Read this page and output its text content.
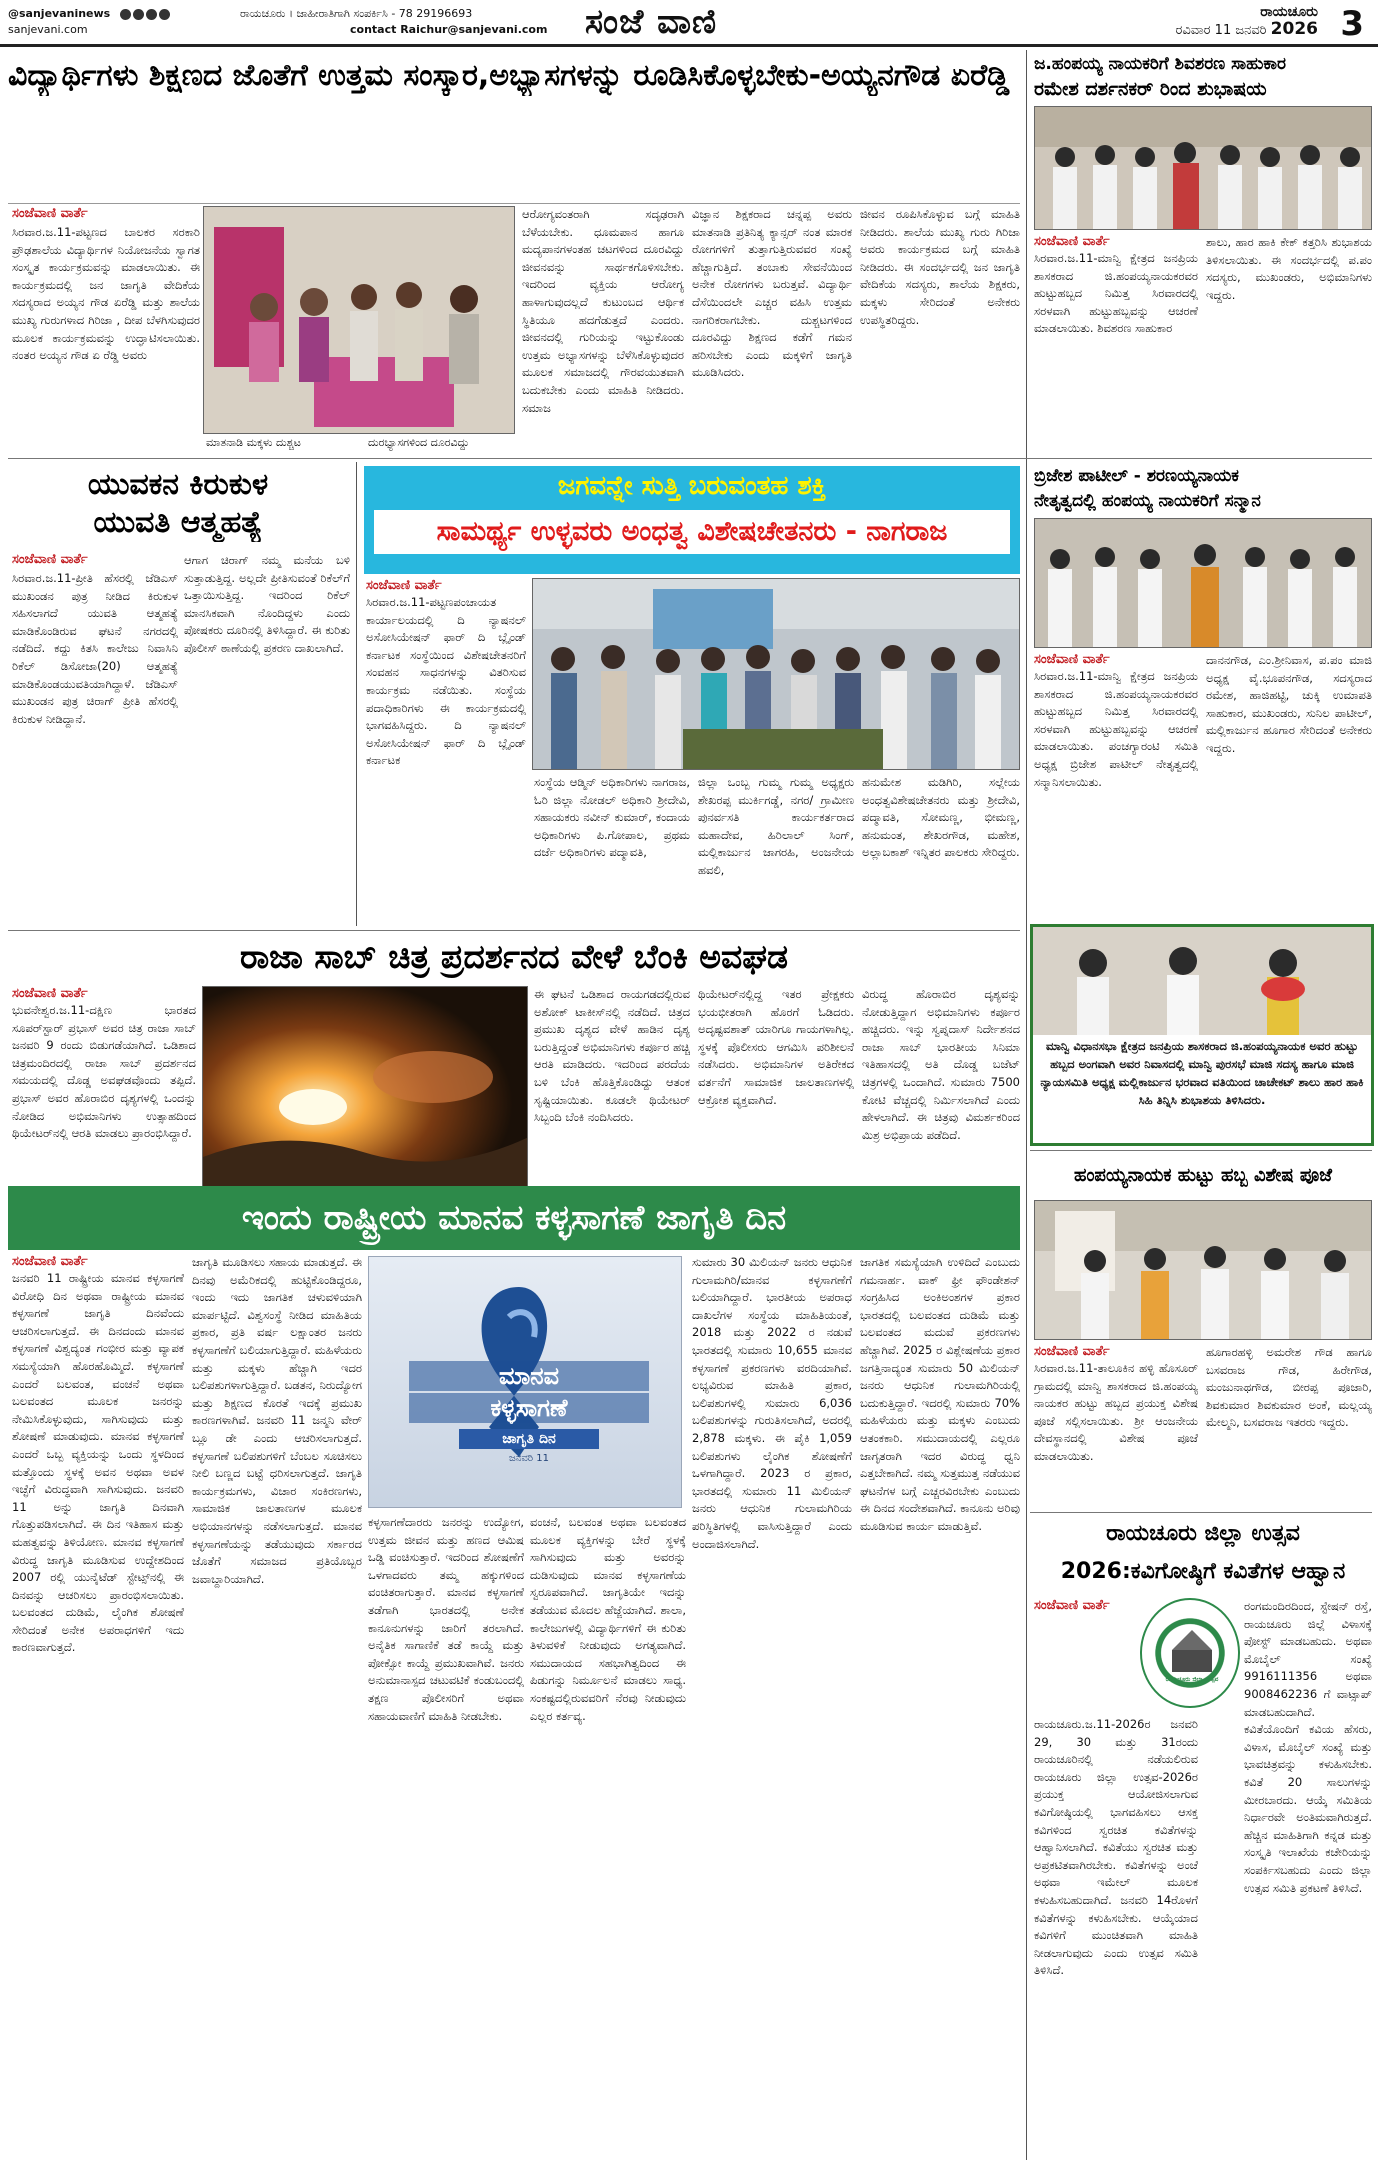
@sanjevaninews
sanjevani.com
ರಾಯಚೂರು । ಜಾಹೀರಾತಿಗಾಗಿ ಸಂಪರ್ಕಿಸಿ - 78 29196693
contact Raichur@sanjevani.com ಸಂಜೆ ವಾಣಿ	ರಾಯಚೂರು
ರವಿವಾರ 11 ಜನವರಿ 2026 3
ವಿದ್ಯಾರ್ಥಿಗಳು ಶಿಕ್ಷಣದ ಜೊತೆಗೆ ಉತ್ತಮ ಸಂಸ್ಕಾರ,ಅಭ್ಯಾಸಗಳನ್ನು ರೂಡಿಸಿಕೊಳ್ಳಬೇಕು-ಅಯ್ಯನಗೌಡ ಏರೆಡ್ಡಿ
ಸಂಜೆವಾಣಿ ವಾರ್ತೆ
ಸಿರವಾರ.ಜ.11-ಪಟ್ಟಣದ ಬಾಲಕರ ಸರಕಾರಿ ಪ್ರೌಢಶಾಲೆಯ ವಿದ್ಯಾರ್ಥಿಗಳ ನಿಯೋಜನೆಯ ಸ್ವಾಗತ ಸಂಸ್ಕೃತ ಕಾರ್ಯಕ್ರಮವನ್ನು ಮಾಡಲಾಯಿತು. ಈ ಕಾರ್ಯಕ್ರಮದಲ್ಲಿ ಜನ ಜಾಗೃತಿ ವೇದಿಕೆಯ ಸದಸ್ಯರಾದ ಅಯ್ಯನ ಗೌಡ ಏರೆಡ್ಡಿ ಮತ್ತು ಶಾಲೆಯ ಮುಖ್ಯ ಗುರುಗಳಾದ ಗಿರಿಜಾ , ದೀಪ ಬೆಳಗಿಸುವುದರ ಮೂಲಕ ಕಾರ್ಯಕ್ರಮವನ್ನು ಉದ್ಘಾಟಿಸಲಾಯಿತು. ನಂತರ ಅಯ್ಯನ ಗೌಡ ಏ ರೆಡ್ಡಿ ಅವರು
ಮಾತನಾಡಿ ಮಕ್ಕಳು ದುಶ್ಚಟ	ದುರಭ್ಯಾಸಗಳಿಂದ ದೂರವಿದ್ದು
ಆರೋಗ್ಯವಂತರಾಗಿ ಸದೃಢರಾಗಿ ಬೆಳೆಯಬೇಕು. ಧೂಮಪಾನ ಹಾಗೂ ಮದ್ಯಪಾನಗಳಂತಹ ಚಟಗಳಿಂದ ದೂರವಿದ್ದು ಜೀವನವನ್ನು ಸಾರ್ಥಕಗೊಳಿಸಬೇಕು. ಇದರಿಂದ ವ್ಯಕ್ತಿಯ ಆರೋಗ್ಯ ಹಾಳಾಗುವುದಲ್ಲದೆ ಕುಟುಂಬದ ಆರ್ಥಿಕ ಸ್ಥಿತಿಯೂ ಹದಗೆಡುತ್ತದೆ ಎಂದರು. ಜೀವನದಲ್ಲಿ ಗುರಿಯನ್ನು ಇಟ್ಟುಕೊಂಡು ಉತ್ತಮ ಅಭ್ಯಾಸಗಳನ್ನು ಬೆಳೆಸಿಕೊಳ್ಳುವುದರ ಮೂಲಕ ಸಮಾಜದಲ್ಲಿ ಗೌರವಯುತವಾಗಿ ಬದುಕಬೇಕು ಎಂದು ಮಾಹಿತಿ ನೀಡಿದರು. ಸಮಾಜ
ವಿಜ್ಞಾನ ಶಿಕ್ಷಕರಾದ ಚನ್ನಪ್ಪ ಅವರು ಮಾತನಾಡಿ ಪ್ರತಿನಿತ್ಯ ಕ್ಯಾನ್ಸರ್ ನಂತ ಮಾರಕ ರೋಗಗಳಿಗೆ ತುತ್ತಾಗುತ್ತಿರುವವರ ಸಂಖ್ಯೆ ಹೆಚ್ಚಾಗುತ್ತಿದೆ. ತಂಬಾಕು ಸೇವನೆಯಿಂದ ಅನೇಕ ರೋಗಗಳು ಬರುತ್ತವೆ. ವಿದ್ಯಾರ್ಥಿ ದೆಸೆಯಿಂದಲೇ ಎಚ್ಚರ ವಹಿಸಿ ಉತ್ತಮ ನಾಗರಿಕರಾಗಬೇಕು. ದುಶ್ಚಟಗಳಿಂದ ದೂರವಿದ್ದು ಶಿಕ್ಷಣದ ಕಡೆಗೆ ಗಮನ ಹರಿಸಬೇಕು ಎಂದು ಮಕ್ಕಳಿಗೆ ಜಾಗೃತಿ ಮೂಡಿಸಿದರು.
ಜೀವನ ರೂಪಿಸಿಕೊಳ್ಳುವ ಬಗ್ಗೆ ಮಾಹಿತಿ ನೀಡಿದರು. ಶಾಲೆಯ ಮುಖ್ಯ ಗುರು ಗಿರಿಜಾ ಅವರು ಕಾರ್ಯಕ್ರಮದ ಬಗ್ಗೆ ಮಾಹಿತಿ ನೀಡಿದರು. ಈ ಸಂದರ್ಭದಲ್ಲಿ ಜನ ಜಾಗೃತಿ ವೇದಿಕೆಯ ಸದಸ್ಯರು, ಶಾಲೆಯ ಶಿಕ್ಷಕರು, ಮಕ್ಕಳು ಸೇರಿದಂತೆ ಅನೇಕರು ಉಪಸ್ಥಿತರಿದ್ದರು.
ಜ.ಹಂಪಯ್ಯ ನಾಯಕರಿಗೆ ಶಿವಶರಣ ಸಾಹುಕಾರ
ರಮೇಶ ದರ್ಶನಕರ್ ರಿಂದ ಶುಭಾಷಯ
ಸಂಜೆವಾಣಿ ವಾರ್ತೆ
ಸಿರವಾರ.ಜ.11-ಮಾನ್ವಿ ಕ್ಷೇತ್ರದ ಜನಪ್ರಿಯ ಶಾಸಕರಾದ ಜಿ.ಹಂಪಯ್ಯನಾಯಕರವರ ಹುಟ್ಟುಹಬ್ಬದ ನಿಮಿತ್ತ ಸಿರವಾರದಲ್ಲಿ ಸರಳವಾಗಿ ಹುಟ್ಟುಹಬ್ಬವನ್ನು ಆಚರಣೆ ಮಾಡಲಾಯಿತು. ಶಿವಶರಣ ಸಾಹುಕಾರ
ಶಾಲು, ಹಾರ ಹಾಕಿ ಕೇಕ್ ಕತ್ತರಿಸಿ ಶುಭಾಶಯ ತಿಳಿಸಲಾಯಿತು. ಈ ಸಂದರ್ಭದಲ್ಲಿ ಪ.ಪಂ ಸದಸ್ಯರು, ಮುಖಂಡರು, ಅಭಿಮಾನಿಗಳು ಇದ್ದರು.
ಯುವಕನ ಕಿರುಕುಳ
ಯುವತಿ ಆತ್ಮಹತ್ಯೆ
ಸಂಜೆವಾಣಿ ವಾರ್ತೆ
ಸಿರವಾರ.ಜ.11-ಪ್ರೀತಿ ಹೆಸರಲ್ಲಿ ಜೆಡಿಎಸ್ ಮುಖಂಡನ ಪುತ್ರ ನೀಡಿದ ಕಿರುಕುಳ ಸಹಿಸಲಾಗದೆ ಯುವತಿ ಆತ್ಮಹತ್ಯೆ ಮಾಡಿಕೊಂಡಿರುವ ಘಟನೆ ನಗರದಲ್ಲಿ ನಡೆದಿದೆ. ಕದ್ದು ಕಿತಸಿ ಕಾಲೇಜು ನಿವಾಸಿನಿ ರಿಕೆಲ್ ಡಿಸೋಜಾ(20) ಆತ್ಮಹತ್ಯೆ ಮಾಡಿಕೊಂಡಯುವತಿಯಾಗಿದ್ದಾಳೆ. ಜೆಡಿಎಸ್ ಮುಖಂಡನ ಪುತ್ರ ಚಿರಾಗ್ ಪ್ರೀತಿ ಹೆಸರಲ್ಲಿ ಕಿರುಕುಳ ನೀಡಿದ್ದಾನೆ.
ಆಗಾಗ ಚಿರಾಗ್ ನಮ್ಮ ಮನೆಯ ಬಳಿ ಸುತ್ತಾಡುತ್ತಿದ್ದ. ಅಲ್ಲದೇ ಪ್ರೀತಿಸುವಂತೆ ರಿಕೆಲ್‌ಗೆ ಒತ್ತಾಯಿಸುತ್ತಿದ್ದ. ಇದರಿಂದ ರಿಕೆಲ್ ಮಾನಸಿಕವಾಗಿ ನೊಂದಿದ್ದಳು ಎಂದು ಪೋಷಕರು ದೂರಿನಲ್ಲಿ ತಿಳಿಸಿದ್ದಾರೆ. ಈ ಕುರಿತು ಪೊಲೀಸ್ ಠಾಣೆಯಲ್ಲಿ ಪ್ರಕರಣ ದಾಖಲಾಗಿದೆ.
ಜಗವನ್ನೇ ಸುತ್ತಿ ಬರುವಂತಹ ಶಕ್ತಿ
ಸಾಮರ್ಥ್ಯ ಉಳ್ಳವರು ಅಂಧತ್ವ ವಿಶೇಷಚೇತನರು - ನಾಗರಾಜ
ಸಂಜೆವಾಣಿ ವಾರ್ತೆ
ಸಿರವಾರ.ಜ.11-ಪಟ್ಟಣಪಂಚಾಯತ ಕಾರ್ಯಾಲಯದಲ್ಲಿ ದಿ ನ್ಯಾಷನಲ್ ಅಸೋಸಿಯೇಷನ್ ಫಾರ್ ದಿ ಬ್ಲೈಂಡ್ ಕರ್ನಾಟಕ ಸಂಸ್ಥೆಯಿಂದ ವಿಶೇಷಚೇತನರಿಗೆ ಸಂವಹನ ಸಾಧನಗಳನ್ನು ವಿತರಿಸುವ ಕಾರ್ಯಕ್ರಮ ನಡೆಯಿತು. ಸಂಸ್ಥೆಯ ಪದಾಧಿಕಾರಿಗಳು ಈ ಕಾರ್ಯಕ್ರಮದಲ್ಲಿ ಭಾಗವಹಿಸಿದ್ದರು. ದಿ ನ್ಯಾಷನಲ್ ಅಸೋಸಿಯೇಷನ್ ಫಾರ್ ದಿ ಬ್ಲೈಂಡ್ ಕರ್ನಾಟಕ
ಸಂಸ್ಥೆಯ ಆಡ್ಮಿನ್ ಅಧಿಕಾರಿಗಳು ನಾಗರಾಜ, ಓರಿ ಜಿಲ್ಲಾ ನೋಡಲ್ ಅಧಿಕಾರಿ ಶ್ರೀದೇವಿ, ಸಹಾಯಕರು ನವೀನ್ ಕುಮಾರ್, ಕಂದಾಯ ಅಧಿಕಾರಿಗಳು ಪಿ.ಗೋಪಾಲ, ಪ್ರಥಮ ದರ್ಜೆ ಅಧಿಕಾರಿಗಳು ಪದ್ಮಾವತಿ,
ಜಿಲ್ಲಾ ಒಂಬ್ಬ ಗುಮ್ಮ ಗುಮ್ಮ ಅಧ್ಯಕ್ಷರು ಶೇಖರಪ್ಪ ಮುರ್ಕಿಗಡ್ಡೆ, ನಗರ/ ಗ್ರಾಮೀಣ ಪುನರ್ವಸತಿ ಕಾರ್ಯಕರ್ತರಾದ ಮಹಾದೇವ, ಹಿರಿಲಾಲ್ ಸಿಂಗ್, ಮಲ್ಲಿಕಾರ್ಜುನ ಜಾಗರಹಿ, ಅಂಜನೇಯ ಹವಲಿ,
ಹನುಮೇಶ ಮಡಿಗಿರಿ, ಸಲ್ಲೇಯ ಅಂಧತ್ವವಿಶೇಷಚೇತನರು ಮತ್ತು ಶ್ರೀದೇವಿ, ಪದ್ಮಾವತಿ, ಸೋಮಣ್ಣ, ಭೀಮಣ್ಣ, ಹನುಮಂತ, ಶೇಖರಗೌಡ, ಮಹೇಶ, ಅಲ್ಲಾಬಕಾಶ್ ಇನ್ನಿತರ ಪಾಲಕರು ಸೇರಿದ್ದರು.
ಬ್ರಿಜೇಶ ಪಾಟೀಲ್ - ಶರಣಯ್ಯನಾಯಕ
ನೇತೃತ್ವದಲ್ಲಿ ಹಂಪಯ್ಯ ನಾಯಕರಿಗೆ ಸನ್ಮಾನ
ಸಂಜೆವಾಣಿ ವಾರ್ತೆ
ಸಿರವಾರ.ಜ.11-ಮಾನ್ವಿ ಕ್ಷೇತ್ರದ ಜನಪ್ರಿಯ ಶಾಸಕರಾದ ಜಿ.ಹಂಪಯ್ಯನಾಯಕರವರ ಹುಟ್ಟುಹಬ್ಬದ ನಿಮಿತ್ತ ಸಿರವಾರದಲ್ಲಿ ಸರಳವಾಗಿ ಹುಟ್ಟುಹಬ್ಬವನ್ನು ಆಚರಣೆ ಮಾಡಲಾಯಿತು. ಪಂಚಗ್ಯಾರಂಟಿ ಸಮಿತಿ ಅಧ್ಯಕ್ಷ ಬ್ರಿಜೇಶ ಪಾಟೀಲ್ ನೇತೃತ್ವದಲ್ಲಿ ಸನ್ಮಾನಿಸಲಾಯಿತು.
ದಾನನಗೌಡ, ಎಂ.ಶ್ರೀನಿವಾಸ, ಪ.ಪಂ ಮಾಜಿ ಅಧ್ಯಕ್ಷ ವೈ.ಭೂಪನಗೌಡ, ಸದಸ್ಯರಾದ ರಮೇಶ, ಹಾಜಿಹಟ್ಟಿ, ಚುಕ್ಕಿ ಉಮಾಪತಿ ಸಾಹುಕಾರ, ಮುಖಂಡರು, ಸುನಿಲ ಪಾಟೀಲ್, ಮಲ್ಲಿಕಾರ್ಜುನ ಹೂಗಾರ ಸೇರಿದಂತೆ ಅನೇಕರು ಇದ್ದರು.
ರಾಜಾ ಸಾಬ್ ಚಿತ್ರ ಪ್ರದರ್ಶನದ ವೇಳೆ ಬೆಂಕಿ ಅವಘಡ
ಸಂಜೆವಾಣಿ ವಾರ್ತೆ
ಭುವನೇಶ್ವರ.ಜ.11-ದಕ್ಷಿಣ ಭಾರತದ ಸೂಪರ್‌ಸ್ಟಾರ್ ಪ್ರಭಾಸ್ ಅವರ ಚಿತ್ರ ರಾಜಾ ಸಾಬ್ ಜನವರಿ 9 ರಂದು ಬಿಡುಗಡೆಯಾಗಿದೆ. ಒಡಿಶಾದ ಚಿತ್ರಮಂದಿರದಲ್ಲಿ ರಾಜಾ ಸಾಬ್ ಪ್ರದರ್ಶನದ ಸಮಯದಲ್ಲಿ ದೊಡ್ಡ ಅವಘಡವೊಂದು ತಪ್ಪಿದೆ. ಪ್ರಭಾಸ್ ಅವರ ಹೊರಾಬಿರ ದೃಶ್ಯಗಳಲ್ಲಿ ಒಂದನ್ನು ನೋಡಿದ ಅಭಿಮಾನಿಗಳು ಉತ್ಸಾಹದಿಂದ ಥಿಯೇಟರ್‌ನಲ್ಲಿ ಆರತಿ ಮಾಡಲು ಪ್ರಾರಂಭಿಸಿದ್ದಾರೆ.
ಈ ಘಟನೆ ಒಡಿಶಾದ ರಾಯಗಡದಲ್ಲಿರುವ ಅಶೋಕ್ ಟಾಕೀಸ್‌ನಲ್ಲಿ ನಡೆದಿದೆ. ಚಿತ್ರದ ಪ್ರಮುಖ ದೃಶ್ಯದ ವೇಳೆ ಹಾಡಿನ ದೃಶ್ಯ ಬರುತ್ತಿದ್ದಂತೆ ಅಭಿಮಾನಿಗಳು ಕರ್ಪೂರ ಹಚ್ಚಿ ಆರತಿ ಮಾಡಿದರು. ಇದರಿಂದ ಪರದೆಯ ಬಳಿ ಬೆಂಕಿ ಹೊತ್ತಿಕೊಂಡಿದ್ದು ಆತಂಕ ಸೃಷ್ಟಿಯಾಯಿತು. ಕೂಡಲೇ ಥಿಯೇಟರ್ ಸಿಬ್ಬಂದಿ ಬೆಂಕಿ ನಂದಿಸಿದರು.
ಥಿಯೇಟರ್‌ನಲ್ಲಿದ್ದ ಇತರ ಪ್ರೇಕ್ಷಕರು ಭಯಭೀತರಾಗಿ ಹೊರಗೆ ಓಡಿದರು. ಅದೃಷ್ಟವಶಾತ್ ಯಾರಿಗೂ ಗಾಯಗಳಾಗಿಲ್ಲ. ಸ್ಥಳಕ್ಕೆ ಪೊಲೀಸರು ಆಗಮಿಸಿ ಪರಿಶೀಲನೆ ನಡೆಸಿದರು. ಅಭಿಮಾನಿಗಳ ಅತಿರೇಕದ ವರ್ತನೆಗೆ ಸಾಮಾಜಿಕ ಜಾಲತಾಣಗಳಲ್ಲಿ ಆಕ್ರೋಶ ವ್ಯಕ್ತವಾಗಿದೆ.
ವಿರುದ್ಧ ಹೊರಾಬಿರ ದೃಶ್ಯವನ್ನು ನೋಡುತ್ತಿದ್ದಾಗ ಅಭಿಮಾನಿಗಳು ಕರ್ಪೂರ ಹಚ್ಚಿದರು. ಇನ್ನು ಸ್ವಪ್ನದಾಸ್ ನಿರ್ದೇಶನದ ರಾಜಾ ಸಾಬ್ ಭಾರತೀಯ ಸಿನಿಮಾ ಇತಿಹಾಸದಲ್ಲಿ ಅತಿ ದೊಡ್ಡ ಬಜೆಟ್ ಚಿತ್ರಗಳಲ್ಲಿ ಒಂದಾಗಿದೆ. ಸುಮಾರು 7500 ಕೋಟಿ ವೆಚ್ಚದಲ್ಲಿ ನಿರ್ಮಿಸಲಾಗಿದೆ ಎಂದು ಹೇಳಲಾಗಿದೆ. ಈ ಚಿತ್ರವು ವಿಮರ್ಶಕರಿಂದ ಮಿಶ್ರ ಅಭಿಪ್ರಾಯ ಪಡೆದಿದೆ.
ಮಾನ್ವಿ ವಿಧಾನಸಭಾ ಕ್ಷೇತ್ರದ ಜನಪ್ರಿಯ ಶಾಸಕರಾದ ಜಿ.ಹಂಪಯ್ಯನಾಯಕ ಅವರ ಹುಟ್ಟು ಹಬ್ಬದ ಅಂಗವಾಗಿ ಅವರ ನಿವಾಸದಲ್ಲಿ ಮಾನ್ವಿ ಪುರಸಭೆ ಮಾಜಿ ಸದಸ್ಯ ಹಾಗೂ ಮಾಜಿ ನ್ಯಾಯಸಮಿತಿ ಅಧ್ಯಕ್ಷ ಮಲ್ಲಿಕಾರ್ಜುನ ಭರವಾದ ವತಿಯಿಂದ ಚಾಚೇಕಟ್ ಶಾಲು ಹಾರ ಹಾಕಿ ಸಿಹಿ ತಿನ್ನಿಸಿ ಶುಭಾಶಯ ತಿಳಿಸಿದರು.
ಇಂದು ರಾಷ್ಟ್ರೀಯ ಮಾನವ ಕಳ್ಳಸಾಗಣೆ ಜಾಗೃತಿ ದಿನ
ಸಂಜೆವಾಣಿ ವಾರ್ತೆ
ಜನವರಿ 11 ರಾಷ್ಟ್ರೀಯ ಮಾನವ ಕಳ್ಳಸಾಗಣೆ ವಿರೋಧಿ ದಿನ ಅಥವಾ ರಾಷ್ಟ್ರೀಯ ಮಾನವ ಕಳ್ಳಸಾಗಣೆ ಜಾಗೃತಿ ದಿನವೆಂದು ಆಚರಿಸಲಾಗುತ್ತದೆ. ಈ ದಿನದಂದು ಮಾನವ ಕಳ್ಳಸಾಗಣೆ ವಿಶ್ವದ್ಯಂತ ಗಂಭೀರ ಮತ್ತು ವ್ಯಾಪಕ ಸಮಸ್ಯೆಯಾಗಿ ಹೊರಹೊಮ್ಮಿದೆ. ಕಳ್ಳಸಾಗಣೆ ಎಂದರೆ ಬಲವಂತ, ವಂಚನೆ ಅಥವಾ ಬಲವಂತದ ಮೂಲಕ ಜನರನ್ನು ನೇಮಿಸಿಕೊಳ್ಳುವುದು, ಸಾಗಿಸುವುದು ಮತ್ತು ಶೋಷಣೆ ಮಾಡುವುದು. ಮಾನವ ಕಳ್ಳಸಾಗಣೆ ಎಂದರೆ ಒಬ್ಬ ವ್ಯಕ್ತಿಯನ್ನು ಒಂದು ಸ್ಥಳದಿಂದ ಮತ್ತೊಂದು ಸ್ಥಳಕ್ಕೆ ಅವನ ಅಥವಾ ಅವಳ ಇಚ್ಛೆಗೆ ವಿರುದ್ಧವಾಗಿ ಸಾಗಿಸುವುದು. ಜನವರಿ 11 ಅನ್ನು ಜಾಗೃತಿ ದಿನವಾಗಿ ಗೊತ್ತುಪಡಿಸಲಾಗಿದೆ. ಈ ದಿನ ಇತಿಹಾಸ ಮತ್ತು ಮಹತ್ವವನ್ನು ತಿಳಿಯೋಣ. ಮಾನವ ಕಳ್ಳಸಾಗಣೆ ವಿರುದ್ಧ ಜಾಗೃತಿ ಮೂಡಿಸುವ ಉದ್ದೇಶದಿಂದ 2007 ರಲ್ಲಿ ಯುನೈಟೆಡ್ ಸ್ಟೇಟ್ಸ್‌ನಲ್ಲಿ ಈ ದಿನವನ್ನು ಆಚರಿಸಲು ಪ್ರಾರಂಭಿಸಲಾಯಿತು. ಬಲವಂತದ ದುಡಿಮೆ, ಲೈಂಗಿಕ ಶೋಷಣೆ ಸೇರಿದಂತೆ ಅನೇಕ ಅಪರಾಧಗಳಿಗೆ ಇದು ಕಾರಣವಾಗುತ್ತದೆ.
ಜಾಗೃತಿ ಮೂಡಿಸಲು ಸಹಾಯ ಮಾಡುತ್ತದೆ. ಈ ದಿನವು ಅಮೆರಿಕದಲ್ಲಿ ಹುಟ್ಟಿಕೊಂಡಿದ್ದರೂ, ಇಂದು ಇದು ಜಾಗತಿಕ ಚಳುವಳಿಯಾಗಿ ಮಾರ್ಪಟ್ಟಿದೆ. ವಿಶ್ವಸಂಸ್ಥೆ ನೀಡಿದ ಮಾಹಿತಿಯ ಪ್ರಕಾರ, ಪ್ರತಿ ವರ್ಷ ಲಕ್ಷಾಂತರ ಜನರು ಕಳ್ಳಸಾಗಣೆಗೆ ಬಲಿಯಾಗುತ್ತಿದ್ದಾರೆ. ಮಹಿಳೆಯರು ಮತ್ತು ಮಕ್ಕಳು ಹೆಚ್ಚಾಗಿ ಇದರ ಬಲಿಪಶುಗಳಾಗುತ್ತಿದ್ದಾರೆ. ಬಡತನ, ನಿರುದ್ಯೋಗ ಮತ್ತು ಶಿಕ್ಷಣದ ಕೊರತೆ ಇದಕ್ಕೆ ಪ್ರಮುಖ ಕಾರಣಗಳಾಗಿವೆ. ಜನವರಿ 11 ಜನ್ಮನಿ ವೇರ್ ಬ್ಲೂ ಡೇ ಎಂದು ಆಚರಿಸಲಾಗುತ್ತದೆ. ಕಳ್ಳಸಾಗಣೆ ಬಲಿಪಶುಗಳಿಗೆ ಬೆಂಬಲ ಸೂಚಿಸಲು ನೀಲಿ ಬಣ್ಣದ ಬಟ್ಟೆ ಧರಿಸಲಾಗುತ್ತದೆ. ಜಾಗೃತಿ ಕಾರ್ಯಕ್ರಮಗಳು, ವಿಚಾರ ಸಂಕಿರಣಗಳು, ಸಾಮಾಜಿಕ ಜಾಲತಾಣಗಳ ಮೂಲಕ ಅಭಿಯಾನಗಳನ್ನು ನಡೆಸಲಾಗುತ್ತದೆ. ಮಾನವ ಕಳ್ಳಸಾಗಣೆಯನ್ನು ತಡೆಯುವುದು ಸರ್ಕಾರದ ಜೊತೆಗೆ ಸಮಾಜದ ಪ್ರತಿಯೊಬ್ಬರ ಜವಾಬ್ದಾರಿಯಾಗಿದೆ.
ಮಾನವ
ಕಳ್ಳಸಾಗಣೆ
ಜಾಗೃತಿ ದಿನ
ಜನವರಿ 11
ಕಳ್ಳಸಾಗಣೆದಾರರು ಜನರನ್ನು ಉದ್ಯೋಗ, ಉತ್ತಮ ಜೀವನ ಮತ್ತು ಹಣದ ಆಮಿಷ ಒಡ್ಡಿ ವಂಚಿಸುತ್ತಾರೆ. ಇದರಿಂದ ಶೋಷಣೆಗೆ ಒಳಗಾದವರು ತಮ್ಮ ಹಕ್ಕುಗಳಿಂದ ವಂಚಿತರಾಗುತ್ತಾರೆ. ಮಾನವ ಕಳ್ಳಸಾಗಣೆ ತಡೆಗಾಗಿ ಭಾರತದಲ್ಲಿ ಅನೇಕ ಕಾನೂನುಗಳನ್ನು ಜಾರಿಗೆ ತರಲಾಗಿದೆ. ಅನೈತಿಕ ಸಾಗಾಣಿಕೆ ತಡೆ ಕಾಯ್ದೆ ಮತ್ತು ಪೋಕ್ಸೋ ಕಾಯ್ದೆ ಪ್ರಮುಖವಾಗಿವೆ. ಜನರು ಅನುಮಾನಾಸ್ಪದ ಚಟುವಟಿಕೆ ಕಂಡುಬಂದಲ್ಲಿ ತಕ್ಷಣ ಪೊಲೀಸರಿಗೆ ಅಥವಾ ಸಹಾಯವಾಣಿಗೆ ಮಾಹಿತಿ ನೀಡಬೇಕು.
ವಂಚನೆ, ಬಲವಂತ ಅಥವಾ ಬಲವಂತದ ಮೂಲಕ ವ್ಯಕ್ತಿಗಳನ್ನು ಬೇರೆ ಸ್ಥಳಕ್ಕೆ ಸಾಗಿಸುವುದು ಮತ್ತು ಅವರನ್ನು ದುಡಿಸುವುದು ಮಾನವ ಕಳ್ಳಸಾಗಣೆಯ ಸ್ವರೂಪವಾಗಿದೆ. ಜಾಗೃತಿಯೇ ಇದನ್ನು ತಡೆಯುವ ಮೊದಲ ಹೆಜ್ಜೆಯಾಗಿದೆ. ಶಾಲಾ, ಕಾಲೇಜುಗಳಲ್ಲಿ ವಿದ್ಯಾರ್ಥಿಗಳಿಗೆ ಈ ಕುರಿತು ತಿಳುವಳಿಕೆ ನೀಡುವುದು ಅಗತ್ಯವಾಗಿದೆ. ಸಮುದಾಯದ ಸಹಭಾಗಿತ್ವದಿಂದ ಈ ಪಿಡುಗನ್ನು ನಿರ್ಮೂಲನೆ ಮಾಡಲು ಸಾಧ್ಯ. ಸಂಕಷ್ಟದಲ್ಲಿರುವವರಿಗೆ ನೆರವು ನೀಡುವುದು ಎಲ್ಲರ ಕರ್ತವ್ಯ.
ಸುಮಾರು 30 ಮಿಲಿಯನ್ ಜನರು ಆಧುನಿಕ ಗುಲಾಮಗಿರಿ/ಮಾನವ ಕಳ್ಳಸಾಗಣೆಗೆ ಬಲಿಯಾಗಿದ್ದಾರೆ. ಭಾರತೀಯ ಅಪರಾಧ ದಾಖಲೆಗಳ ಸಂಸ್ಥೆಯ ಮಾಹಿತಿಯಂತೆ, 2018 ಮತ್ತು 2022 ರ ನಡುವೆ ಭಾರತದಲ್ಲಿ ಸುಮಾರು 10,655 ಮಾನವ ಕಳ್ಳಸಾಗಣೆ ಪ್ರಕರಣಗಳು ವರದಿಯಾಗಿವೆ. ಲಭ್ಯವಿರುವ ಮಾಹಿತಿ ಪ್ರಕಾರ, ಬಲಿಪಶುಗಳಲ್ಲಿ ಸುಮಾರು 6,036 ಬಲಿಪಶುಗಳನ್ನು ಗುರುತಿಸಲಾಗಿದೆ, ಅದರಲ್ಲಿ 2,878 ಮಕ್ಕಳು. ಈ ಪೈಕಿ 1,059 ಬಲಿಪಶುಗಳು ಲೈಂಗಿಕ ಶೋಷಣೆಗೆ ಒಳಗಾಗಿದ್ದಾರೆ. 2023 ರ ಪ್ರಕಾರ, ಭಾರತದಲ್ಲಿ ಸುಮಾರು 11 ಮಿಲಿಯನ್ ಜನರು ಆಧುನಿಕ ಗುಲಾಮಗಿರಿಯ ಪರಿಸ್ಥಿತಿಗಳಲ್ಲಿ ವಾಸಿಸುತ್ತಿದ್ದಾರೆ ಎಂದು ಅಂದಾಜಿಸಲಾಗಿದೆ.
ಜಾಗತಿಕ ಸಮಸ್ಯೆಯಾಗಿ ಉಳಿದಿದೆ ಎಂಬುದು ಗಮನಾರ್ಹ. ವಾಕ್ ಫ್ರೀ ಫೌಂಡೇಶನ್ ಸಂಗ್ರಹಿಸಿದ ಅಂಕಿಅಂಶಗಳ ಪ್ರಕಾರ ಭಾರತದಲ್ಲಿ ಬಲವಂತದ ದುಡಿಮೆ ಮತ್ತು ಬಲವಂತದ ಮದುವೆ ಪ್ರಕರಣಗಳು ಹೆಚ್ಚಾಗಿವೆ. 2025 ರ ವಿಶ್ಲೇಷಣೆಯ ಪ್ರಕಾರ ಜಗತ್ತಿನಾದ್ಯಂತ ಸುಮಾರು 50 ಮಿಲಿಯನ್ ಜನರು ಆಧುನಿಕ ಗುಲಾಮಗಿರಿಯಲ್ಲಿ ಬದುಕುತ್ತಿದ್ದಾರೆ. ಇದರಲ್ಲಿ ಸುಮಾರು 70% ಮಹಿಳೆಯರು ಮತ್ತು ಮಕ್ಕಳು ಎಂಬುದು ಆತಂಕಕಾರಿ. ಸಮುದಾಯದಲ್ಲಿ ಎಲ್ಲರೂ ಜಾಗೃತರಾಗಿ ಇದರ ವಿರುದ್ಧ ಧ್ವನಿ ಎತ್ತಬೇಕಾಗಿದೆ. ನಮ್ಮ ಸುತ್ತಮುತ್ತ ನಡೆಯುವ ಘಟನೆಗಳ ಬಗ್ಗೆ ಎಚ್ಚರವಿರಬೇಕು ಎಂಬುದು ಈ ದಿನದ ಸಂದೇಶವಾಗಿದೆ. ಕಾನೂನು ಅರಿವು ಮೂಡಿಸುವ ಕಾರ್ಯ ಮಾಡುತ್ತಿವೆ.
ಹಂಪಯ್ಯನಾಯಕ ಹುಟ್ಟು ಹಬ್ಬ ವಿಶೇಷ ಪೂಜೆ
ಸಂಜೆವಾಣಿ ವಾರ್ತೆ
ಸಿರವಾರ.ಜ.11-ತಾಲೂಕಿನ ಹಳ್ಳಿ ಹೊಸೂರ್ ಗ್ರಾಮದಲ್ಲಿ ಮಾನ್ವಿ ಶಾಸಕರಾದ ಜಿ.ಹಂಪಯ್ಯ ನಾಯಕರ ಹುಟ್ಟು ಹಬ್ಬದ ಪ್ರಯುಕ್ತ ವಿಶೇಷ ಪೂಜೆ ಸಲ್ಲಿಸಲಾಯಿತು. ಶ್ರೀ ಆಂಜನೇಯ ದೇವಸ್ಥಾನದಲ್ಲಿ ವಿಶೇಷ ಪೂಜೆ ಮಾಡಲಾಯಿತು.
ಹೂಗಾರಹಳ್ಳಿ ಅಮರೇಶ ಗೌಡ ಹಾಗೂ ಬಸವರಾಜ ಗೌಡ, ಹಿರೇಗೌಡ, ಮಂಜುನಾಥಗೌಡ, ಬೀರಪ್ಪ ಪೂಜಾರಿ, ಶಿವಕುಮಾರ ಶಿವಕುಮಾರ ಅಂಕೆ, ಮಲ್ಲಯ್ಯ ಮೇಲ್ಮನಿ, ಬಸವರಾಜ ಇತರರು ಇದ್ದರು.
ರಾಯಚೂರು ಜಿಲ್ಲಾ ಉತ್ಸವ
2026:ಕವಿಗೋಷ್ಠಿಗೆ ಕವಿತೆಗಳ ಆಹ್ವಾನ
ಸಂಜೆವಾಣಿ ವಾರ್ತೆ
ರಾಯಚೂರು ಜಿಲ್ಲಾ ಉತ್ಸವ
ರಾಯಚೂರು.ಜ.11-2026ರ ಜನವರಿ 29, 30 ಮತ್ತು 31ರಂದು ರಾಯಚೂರಿನಲ್ಲಿ ನಡೆಯಲಿರುವ ರಾಯಚೂರು ಜಿಲ್ಲಾ ಉತ್ಸವ-2026ರ ಪ್ರಯುಕ್ತ ಆಯೋಜಿಸಲಾಗುವ ಕವಿಗೋಷ್ಠಿಯಲ್ಲಿ ಭಾಗವಹಿಸಲು ಆಸಕ್ತ ಕವಿಗಳಿಂದ ಸ್ವರಚಿತ ಕವಿತೆಗಳನ್ನು ಆಹ್ವಾನಿಸಲಾಗಿದೆ. ಕವಿತೆಯು ಸ್ವರಚಿತ ಮತ್ತು ಅಪ್ರಕಟಿತವಾಗಿರಬೇಕು. ಕವಿತೆಗಳನ್ನು ಅಂಚೆ ಅಥವಾ ಇಮೇಲ್ ಮೂಲಕ ಕಳುಹಿಸಬಹುದಾಗಿದೆ. ಜನವರಿ 14ರೊಳಗೆ ಕವಿತೆಗಳನ್ನು ಕಳುಹಿಸಬೇಕು. ಆಯ್ಕೆಯಾದ ಕವಿಗಳಿಗೆ ಮುಂಚಿತವಾಗಿ ಮಾಹಿತಿ ನೀಡಲಾಗುವುದು ಎಂದು ಉತ್ಸವ ಸಮಿತಿ ತಿಳಿಸಿದೆ.
ರಂಗಮಂದಿರದಿಂದ, ಸ್ಟೇಷನ್ ರಸ್ತೆ, ರಾಯಚೂರು ಜಿಲ್ಲೆ ವಿಳಾಸಕ್ಕೆ ಪೋಸ್ಟ್ ಮಾಡಬಹುದು. ಅಥವಾ ಮೊಬೈಲ್ ಸಂಖ್ಯೆ 9916111356 ಅಥವಾ 9008462236 ಗೆ ವಾಟ್ಸಾಪ್ ಮಾಡಬಹುದಾಗಿದೆ. ಕವಿತೆಯೊಂದಿಗೆ ಕವಿಯ ಹೆಸರು, ವಿಳಾಸ, ಮೊಬೈಲ್ ಸಂಖ್ಯೆ ಮತ್ತು ಭಾವಚಿತ್ರವನ್ನು ಕಳುಹಿಸಬೇಕು. ಕವಿತೆ 20 ಸಾಲುಗಳನ್ನು ಮೀರಬಾರದು. ಆಯ್ಕೆ ಸಮಿತಿಯ ನಿರ್ಧಾರವೇ ಅಂತಿಮವಾಗಿರುತ್ತದೆ. ಹೆಚ್ಚಿನ ಮಾಹಿತಿಗಾಗಿ ಕನ್ನಡ ಮತ್ತು ಸಂಸ್ಕೃತಿ ಇಲಾಖೆಯ ಕಚೇರಿಯನ್ನು ಸಂಪರ್ಕಿಸಬಹುದು ಎಂದು ಜಿಲ್ಲಾ ಉತ್ಸವ ಸಮಿತಿ ಪ್ರಕಟಣೆ ತಿಳಿಸಿದೆ.
